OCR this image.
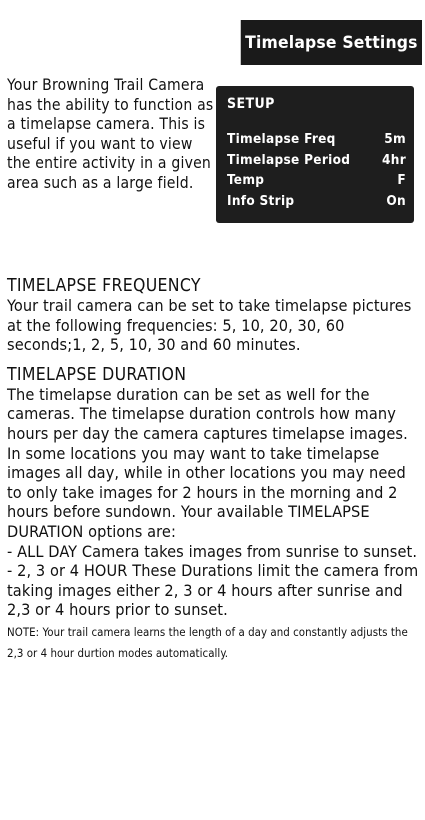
Timelapse Settings

Your Browning Trail Camera has the ability to function as a timelapse camera. This is useful if you want to view the entire activity in a given area such as a large field.

SETUP
Timelapse Freq	5m
Timelapse Period 4hr
Temp	F
Info Strip	On
TIMELAPSE FREQUENCY

Your trail camera can be set to take timelapse pictures at the following frequencies: 5, 10, 20, 30, 60 seconds;1, 2, 5, 10, 30 and 60 minutes.

TIMELAPSE DURATION

The timelapse duration can be set as well for the cameras. The timelapse duration controls how many hours per day the camera captures timelapse images.

In some locations you may want to take timelapse images all day, while in other locations you may need to only take images for 2 hours in the morning and 2 hours before sundown. Your available TIMELAPSE DURATION options are:

- ALL DAY Camera takes images from sunrise to sunset.

- 2, 3 or 4 HOUR These Durations limit the camera from taking images either 2, 3 or 4 hours after sunrise and 2,3 or 4 hours prior to sunset.

NOTE: Your trail camera learns the length of a day and constantly adjusts the 2,3 or 4 hour durtion modes automatically.
